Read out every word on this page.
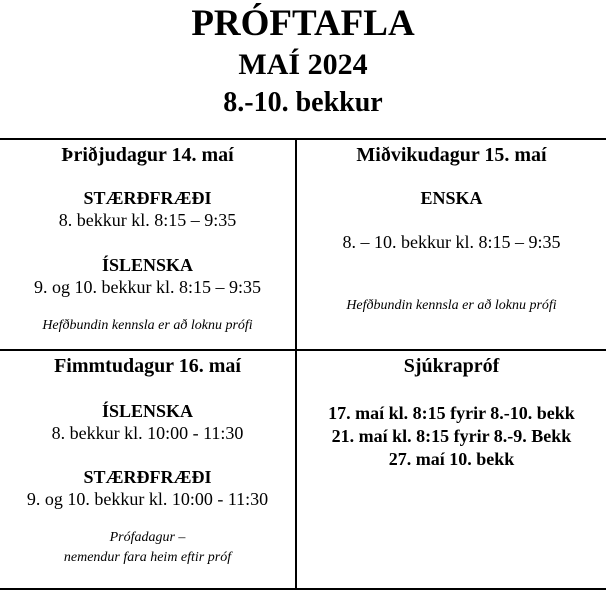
PRÓFTAFLA
MAÍ 2024
8.-10. bekkur
Þriðjudagur 14. maí
STÆRÐFRÆÐI
8. bekkur kl. 8:15 – 9:35
ÍSLENSKA
9. og 10. bekkur kl. 8:15 – 9:35
Hefðbundin kennsla er að loknu prófi
Miðvikudagur 15. maí
ENSKA
8. – 10. bekkur kl. 8:15 – 9:35
Hefðbundin kennsla er að loknu prófi
Fimmtudagur 16. maí
ÍSLENSKA
8. bekkur kl. 10:00 - 11:30
STÆRÐFRÆÐI
9. og 10. bekkur kl. 10:00 - 11:30
Prófadagur –
nemendur fara heim eftir próf
Sjúkrapróf
17. maí kl. 8:15 fyrir 8.-10. bekk
21. maí kl. 8:15 fyrir 8.-9. Bekk
27. maí 10. bekk
